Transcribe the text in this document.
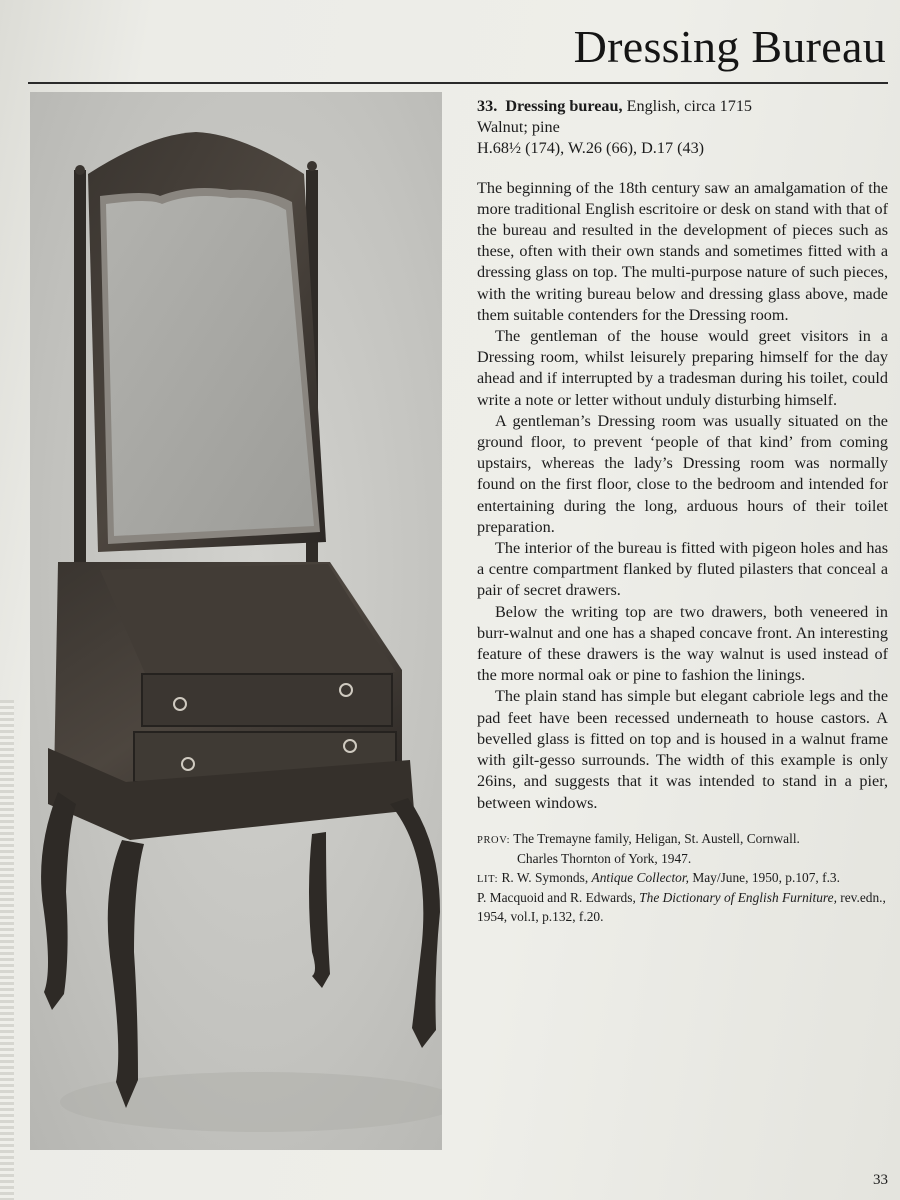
Dressing Bureau
33. Dressing bureau, English, circa 1715
Walnut; pine
H.68½ (174), W.26 (66), D.17 (43)

The beginning of the 18th century saw an amalgamation of the more traditional English escritoire or desk on stand with that of the bureau and resulted in the development of pieces such as these, often with their own stands and sometimes fitted with a dressing glass on top. The multi-purpose nature of such pieces, with the writing bureau below and dressing glass above, made them suitable contenders for the Dressing room.

The gentleman of the house would greet visitors in a Dressing room, whilst leisurely preparing himself for the day ahead and if interrupted by a tradesman during his toilet, could write a note or letter without unduly disturbing himself.

A gentleman’s Dressing room was usually situated on the ground floor, to prevent ‘people of that kind’ from coming upstairs, whereas the lady’s Dressing room was normally found on the first floor, close to the bedroom and intended for entertaining during the long, arduous hours of their toilet preparation.

The interior of the bureau is fitted with pigeon holes and has a centre compartment flanked by fluted pilasters that conceal a pair of secret drawers.

Below the writing top are two drawers, both veneered in burr-walnut and one has a shaped concave front. An interesting feature of these drawers is the way walnut is used instead of the more normal oak or pine to fashion the linings.

The plain stand has simple but elegant cabriole legs and the pad feet have been recessed underneath to house castors. A bevelled glass is fitted on top and is housed in a walnut frame with gilt-gesso surrounds. The width of this example is only 26ins, and suggests that it was intended to stand in a pier, between windows.

PROV: The Tremayne family, Heligan, St. Austell, Cornwall.

Charles Thornton of York, 1947.

LIT: R. W. Symonds, Antique Collector, May/June, 1950, p.107, f.3.

P. Macquoid and R. Edwards, The Dictionary of English Furniture, rev.edn., 1954, vol.I, p.132, f.20.

33
